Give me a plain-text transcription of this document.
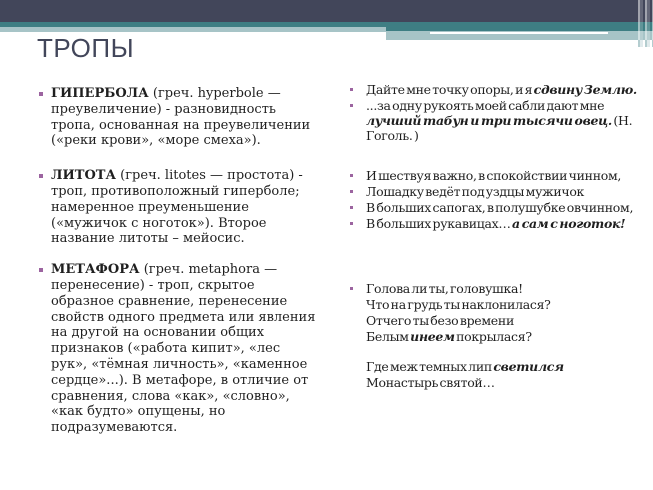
ТРОПЫ
ГИПЕРБОЛА (греч. hyperbole — преувеличение) - разновидность тропа, основанная на преувеличении («реки крови», «море смеха»).
ЛИТОТА (греч. litotes — простота) - троп, противоположный гиперболе; намеренное преуменьшение («мужичок с ноготок»). Второе название литоты – мейосис.
МЕТАФОРА (греч. metaphora — перенесение) - троп, скрытое образное сравнение, перенесение свойств одного предмета или явления на другой на основании общих признаков («работа кипит», «лес рук», «тёмная личность», «каменное сердце»...). В метафоре, в отличие от сравнения, слова «как», «словно», «как будто» опущены, но подразумеваются.
Дайте мне точку опоры, и я сдвину Землю.
...за одну рукоять моей сабли дают мне лучший табун и три тысячи овец. (Н. Гоголь. )
И шествуя важно, в спокойствии чинном,
Лошадку ведёт под уздцы мужичок
В больших сапогах, в полушубке овчинном,
В больших рукавицах… а сам с ноготок!
Голова ли ты, головушка!
Что на грудь ты наклонилася?
Отчего ты безо времени
Белым инеем покрылася?
Где меж темных лип светился
Монастырь святой…
